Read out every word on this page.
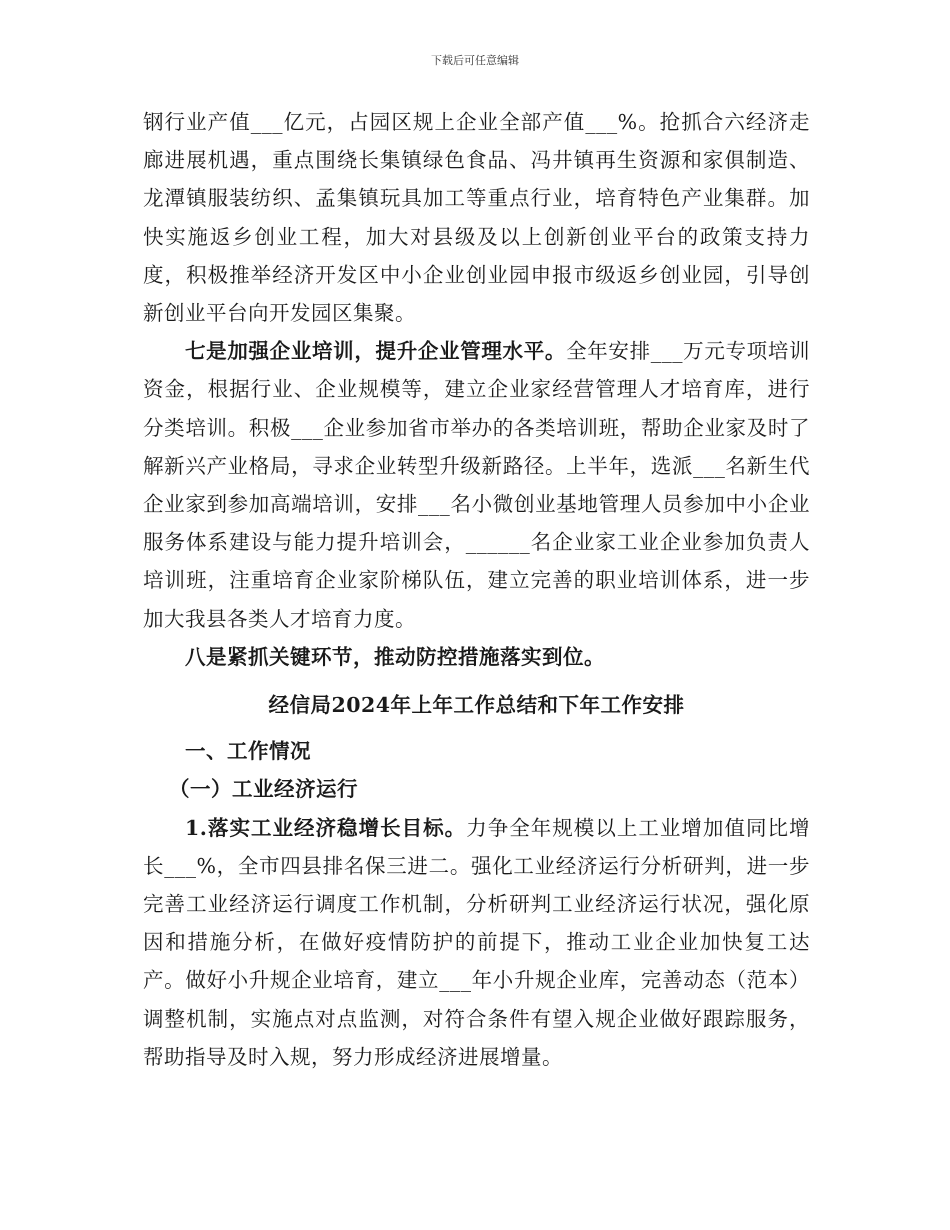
下载后可任意编辑

钢行业产值___亿元，占园区规上企业全部产值___%。抢抓合六经济走廊进展机遇，重点围绕长集镇绿色食品、冯井镇再生资源和家俱制造、龙潭镇服装纺织、孟集镇玩具加工等重点行业，培育特色产业集群。加快实施返乡创业工程，加大对县级及以上创新创业平台的政策支持力度，积极推举经济开发区中小企业创业园申报市级返乡创业园，引导创新创业平台向开发园区集聚。

七是加强企业培训，提升企业管理水平。全年安排___万元专项培训资金，根据行业、企业规模等，建立企业家经营管理人才培育库，进行分类培训。积极___企业参加省市举办的各类培训班，帮助企业家及时了解新兴产业格局，寻求企业转型升级新路径。上半年，选派___名新生代企业家到参加高端培训，安排___名小微创业基地管理人员参加中小企业服务体系建设与能力提升培训会，______名企业家工业企业参加负责人培训班，注重培育企业家阶梯队伍，建立完善的职业培训体系，进一步加大我县各类人才培育力度。

八是紧抓关键环节，推动防控措施落实到位。

经信局2024年上年工作总结和下年工作安排
一、工作情况
（一）工业经济运行

1.落实工业经济稳增长目标。力争全年规模以上工业增加值同比增长___%，全市四县排名保三进二。强化工业经济运行分析研判，进一步完善工业经济运行调度工作机制，分析研判工业经济运行状况，强化原因和措施分析，在做好疫情防护的前提下，推动工业企业加快复工达产。做好小升规企业培育，建立___年小升规企业库，完善动态（范本）调整机制，实施点对点监测，对符合条件有望入规企业做好跟踪服务，帮助指导及时入规，努力形成经济进展增量。
